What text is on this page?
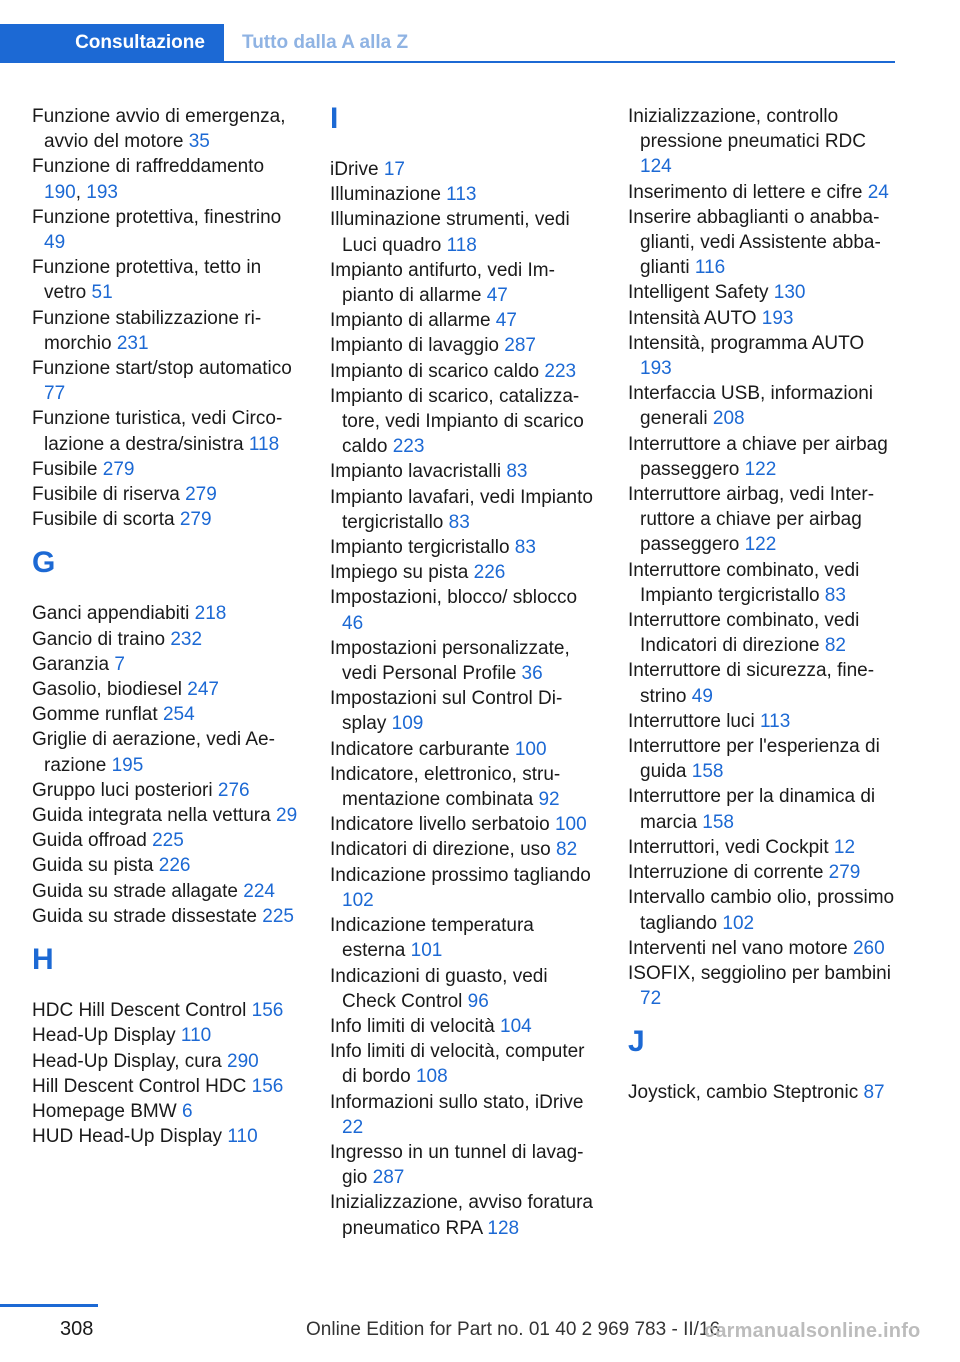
Consultazione	Tutto dalla A alla Z
Funzione avvio di emergenza, avvio del motore 35
Funzione di raffreddamento 190, 193
Funzione protettiva, finestrino 49
Funzione protettiva, tetto in vetro 51
Funzione stabilizzazione rimorchio 231
Funzione start/stop automatico 77
Funzione turistica, vedi Circolazione a destra/sinistra 118
Fusibile 279
Fusibile di riserva 279
Fusibile di scorta 279
G
Ganci appendiabiti 218
Gancio di traino 232
Garanzia 7
Gasolio, biodiesel 247
Gomme runflat 254
Griglie di aerazione, vedi Aerazione 195
Gruppo luci posteriori 276
Guida integrata nella vettura 29
Guida offroad 225
Guida su pista 226
Guida su strade allagate 224
Guida su strade dissestate 225
H
HDC Hill Descent Control 156
Head-Up Display 110
Head-Up Display, cura 290
Hill Descent Control HDC 156
Homepage BMW 6
HUD Head-Up Display 110
I
iDrive 17
Illuminazione 113
Illuminazione strumenti, vedi Luci quadro 118
Impianto antifurto, vedi Impianto di allarme 47
Impianto di allarme 47
Impianto di lavaggio 287
Impianto di scarico caldo 223
Impianto di scarico, catalizzatore, vedi Impianto di scarico caldo 223
Impianto lavacristalli 83
Impianto lavafari, vedi Impianto tergicristallo 83
Impianto tergicristallo 83
Impiego su pista 226
Impostazioni, blocco/ sblocco 46
Impostazioni personalizzate, vedi Personal Profile 36
Impostazioni sul Control Display 109
Indicatore carburante 100
Indicatore, elettronico, strumentazione combinata 92
Indicatore livello serbatoio 100
Indicatori di direzione, uso 82
Indicazione prossimo tagliando 102
Indicazione temperatura esterna 101
Indicazioni di guasto, vedi Check Control 96
Info limiti di velocità 104
Info limiti di velocità, computer di bordo 108
Informazioni sullo stato, iDrive 22
Ingresso in un tunnel di lavaggio 287
Inizializzazione, avviso foratura pneumatico RPA 128
Inizializzazione, controllo pressione pneumatici RDC 124
Inserimento di lettere e cifre 24
Inserire abbaglianti o anabbaglianti, vedi Assistente abbaglianti 116
Intelligent Safety 130
Intensità AUTO 193
Intensità, programma AUTO 193
Interfaccia USB, informazioni generali 208
Interruttore a chiave per airbag passeggero 122
Interruttore airbag, vedi Interruttore a chiave per airbag passeggero 122
Interruttore combinato, vedi Impianto tergicristallo 83
Interruttore combinato, vedi Indicatori di direzione 82
Interruttore di sicurezza, finestrino 49
Interruttore luci 113
Interruttore per l'esperienza di guida 158
Interruttore per la dinamica di marcia 158
Interruttori, vedi Cockpit 12
Interruzione di corrente 279
Intervallo cambio olio, prossimo tagliando 102
Interventi nel vano motore 260
ISOFIX, seggiolino per bambini 72
J
Joystick, cambio Steptronic 87
308	Online Edition for Part no. 01 40 2 969 783 - II/16
carmanualsonline.info
